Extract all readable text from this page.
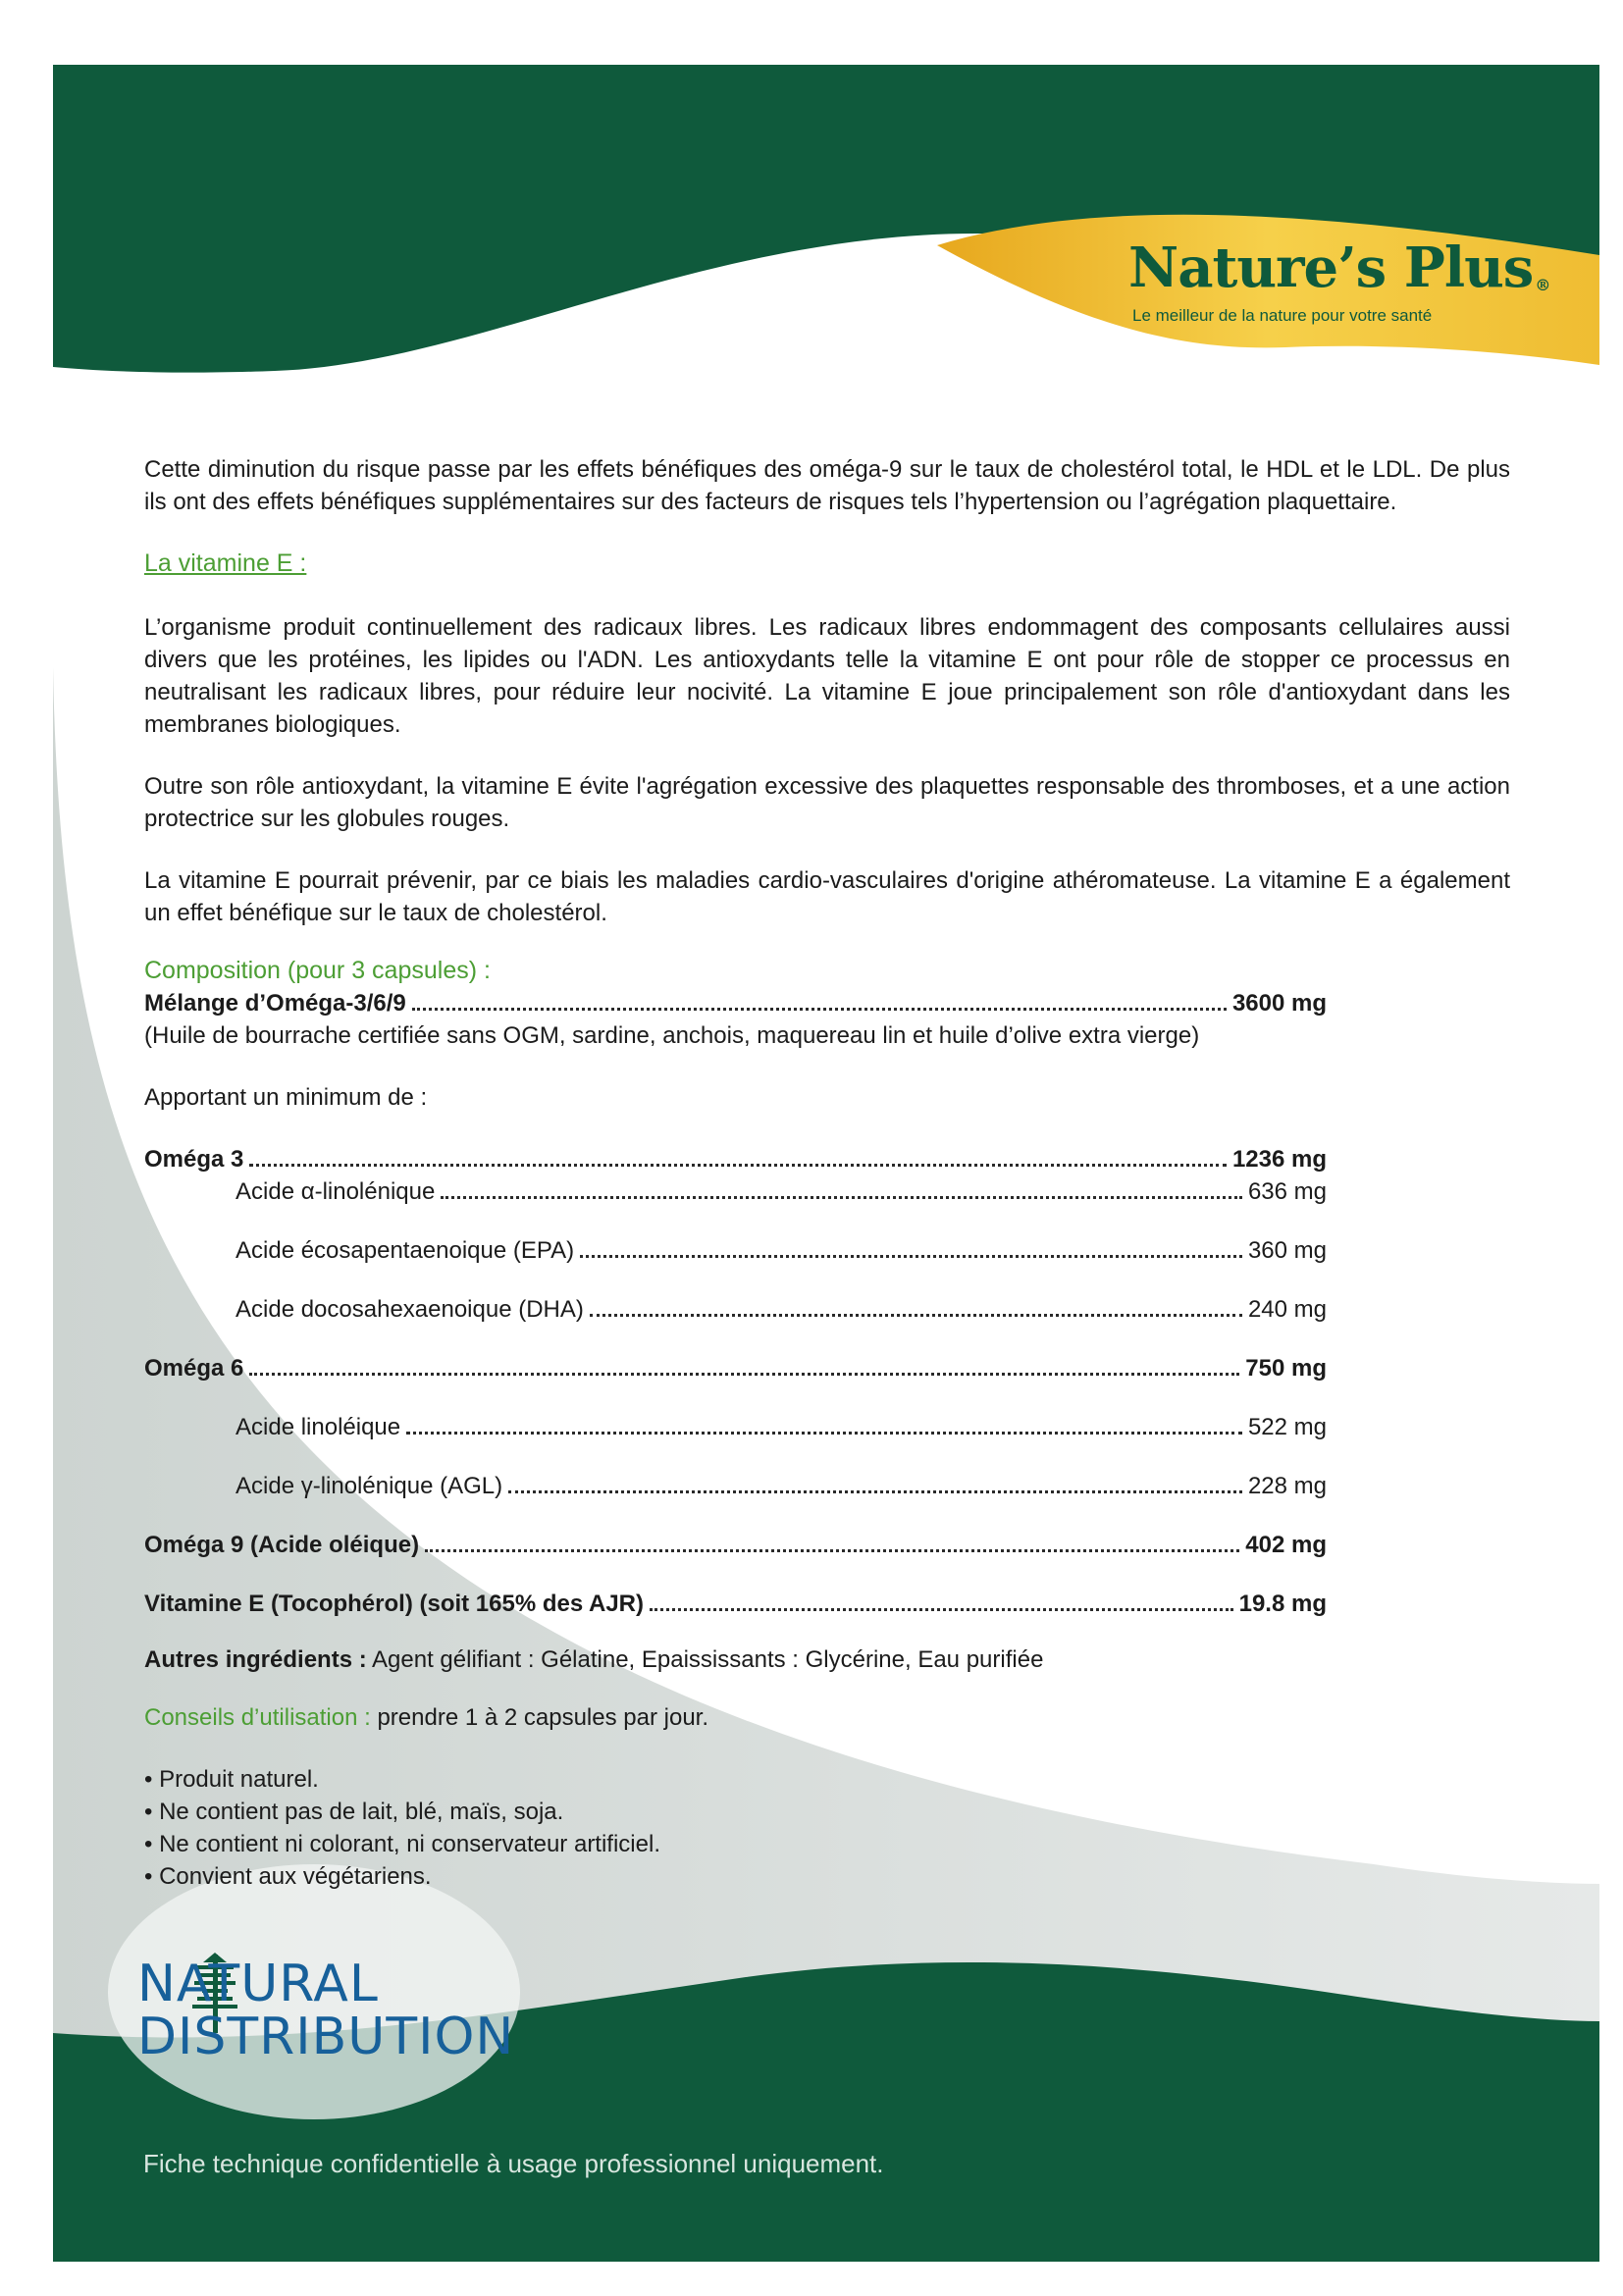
Nature’s Plus ®
Le meilleur de la nature pour votre santé

Cette diminution du risque passe par les effets bénéfiques des oméga-9 sur le taux de cholestérol total, le HDL et le LDL. De plus ils ont des effets bénéfiques supplémentaires sur des facteurs de risques tels l’hypertension ou l’agrégation plaquettaire.

La vitamine E :

L’organisme produit continuellement des radicaux libres. Les radicaux libres endommagent des composants cellulaires aussi divers que les protéines, les lipides ou l'ADN. Les antioxydants telle la vitamine E ont pour rôle de stopper ce processus en neutralisant les radicaux libres, pour réduire leur nocivité. La vitamine E joue principalement son rôle d'antioxydant dans les membranes biologiques.

Outre son rôle antioxydant, la vitamine E évite l'agrégation excessive des plaquettes responsable des thromboses, et a une action protectrice sur les globules rouges.

La vitamine E pourrait prévenir, par ce biais les maladies cardio-vasculaires d'origine athéromateuse. La vitamine E a également un effet bénéfique sur le taux de cholestérol.

Composition (pour 3 capsules) :
Mélange d’Oméga-3/6/9	3600 mg
(Huile de bourrache certifiée sans OGM, sardine, anchois, maquereau lin et huile d’olive extra vierge)
Apportant un minimum de :
Oméga 3	1236 mg
Acide α-linolénique	636 mg
Acide écosapentaenoique (EPA)	360 mg
Acide docosahexaenoique (DHA)	240 mg
Oméga 6	750 mg
Acide linoléique	522 mg
Acide γ-linolénique (AGL)	228 mg
Oméga 9 (Acide oléique)	402 mg
Vitamine E (Tocophérol) (soit 165% des AJR)	19.8 mg
Autres ingrédients : Agent gélifiant : Gélatine, Epaississants : Glycérine, Eau purifiée
Conseils d’utilisation : prendre 1 à 2 capsules par jour.
• Produit naturel.
• Ne contient pas de lait, blé, maïs, soja.
• Ne contient ni colorant, ni conservateur artificiel.
• Convient aux végétariens.
NATURAL
DISTRIBUTION
Fiche technique confidentielle à usage professionnel uniquement.
